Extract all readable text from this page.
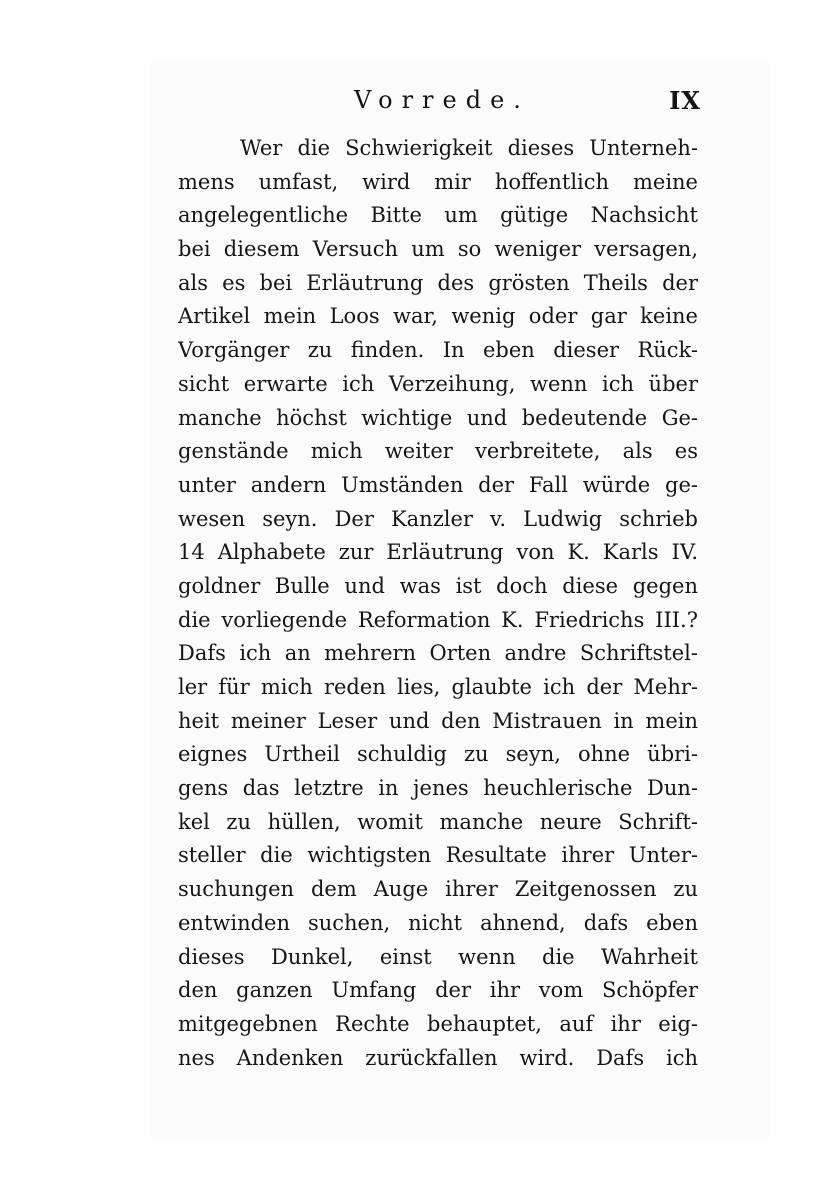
Vorrede.	IX
Wer die Schwierigkeit dieses Unterneh-
mens umfast, wird mir hoffentlich meine
angelegentliche Bitte um gütige Nachsicht
bei diesem Versuch um so weniger versagen,
als es bei Erläutrung des grösten Theils der
Artikel mein Loos war, wenig oder gar keine
Vorgänger zu finden. In eben dieser Rück-
sicht erwarte ich Verzeihung, wenn ich über
manche höchst wichtige und bedeutende Ge-
genstände mich weiter verbreitete, als es
unter andern Umständen der Fall würde ge-
wesen seyn. Der Kanzler v. Ludwig schrieb
14 Alphabete zur Erläutrung von K. Karls IV.
goldner Bulle und was ist doch diese gegen
die vorliegende Reformation K. Friedrichs III.?
Dafs ich an mehrern Orten andre Schriftstel-
ler für mich reden lies, glaubte ich der Mehr-
heit meiner Leser und den Mistrauen in mein
eignes Urtheil schuldig zu seyn, ohne übri-
gens das letztre in jenes heuchlerische Dun-
kel zu hüllen, womit manche neure Schrift-
steller die wichtigsten Resultate ihrer Unter-
suchungen dem Auge ihrer Zeitgenossen zu
entwinden suchen, nicht ahnend, dafs eben
dieses Dunkel, einst wenn die Wahrheit
den ganzen Umfang der ihr vom Schöpfer
mitgegebnen Rechte behauptet, auf ihr eig-
nes Andenken zurückfallen wird. Dafs ich
